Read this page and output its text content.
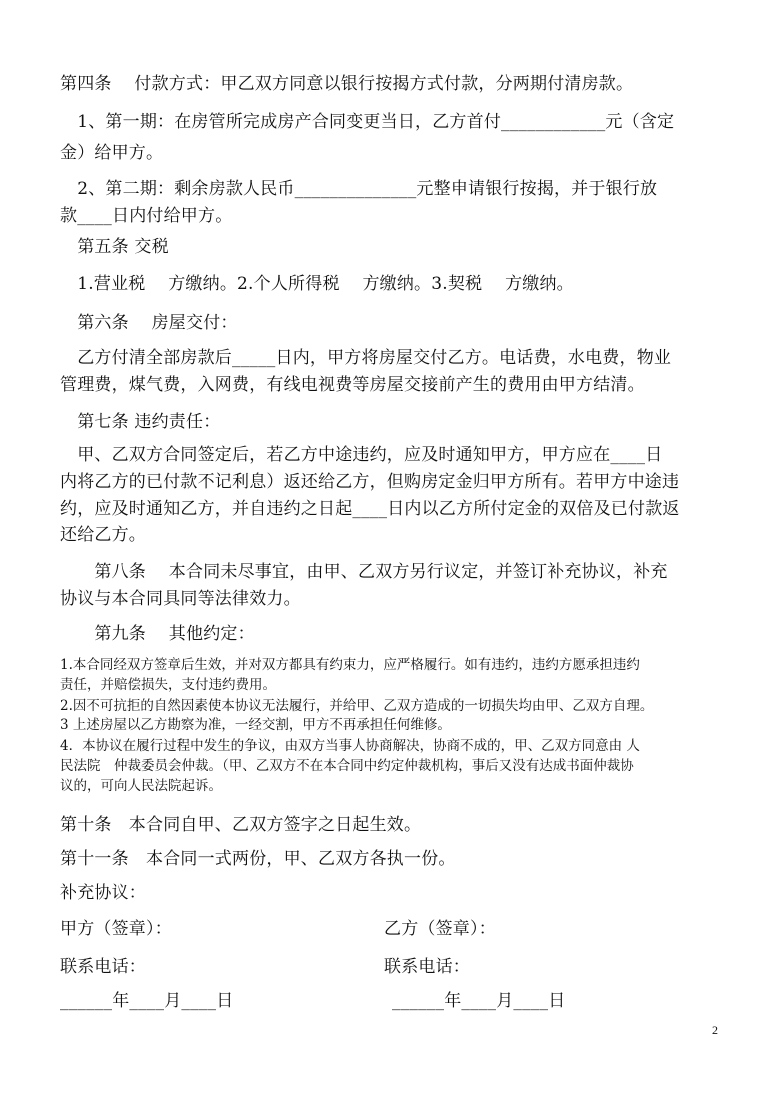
第四条　 付款方式：甲乙双方同意以银行按揭方式付款，分两期付清房款。
　1、第一期：在房管所完成房产合同变更当日，乙方首付____________元（含定
金）给甲方。
　2、第二期：剩余房款人民币______________元整申请银行按揭，并于银行放
款____日内付给甲方。
　第五条 交税
　1.营业税　 方缴纳。2.个人所得税　 方缴纳。3.契税　 方缴纳。
　第六条　 房屋交付：
　乙方付清全部房款后_____日内，甲方将房屋交付乙方。电话费，水电费，物业
管理费，煤气费，入网费，有线电视费等房屋交接前产生的费用由甲方结清。
　第七条 违约责任：
　甲、乙双方合同签定后，若乙方中途违约，应及时通知甲方，甲方应在____日
内将乙方的已付款不记利息）返还给乙方，但购房定金归甲方所有。若甲方中途违
约，应及时通知乙方，并自违约之日起____日内以乙方所付定金的双倍及已付款返
还给乙方。
　　第八条　 本合同未尽事宜，由甲、乙双方另行议定，并签订补充协议，补充
协议与本合同具同等法律效力。
　　第九条　 其他约定：
1.本合同经双方签章后生效，并对双方都具有约束力，应严格履行。如有违约，违约方愿承担违约
责任，并赔偿损失，支付违约费用。
2.因不可抗拒的自然因素使本协议无法履行，并给甲、乙双方造成的一切损失均由甲、乙双方自理。
3 上述房屋以乙方勘察为准，一经交割，甲方不再承担任何维修。
4．本协议在履行过程中发生的争议，由双方当事人协商解决，协商不成的，甲、乙双方同意由 人
民法院　仲裁委员会仲裁。（甲、乙双方不在本合同中约定仲裁机构，事后又没有达成书面仲裁协
议的，可向人民法院起诉。
第十条　本合同自甲、乙双方签字之日起生效。
第十一条　本合同一式两份，甲、乙双方各执一份。
补充协议：
甲方（签章）：	乙方（签章）：
联系电话：	联系电话：
______年____月____日	______年____月____日
2
